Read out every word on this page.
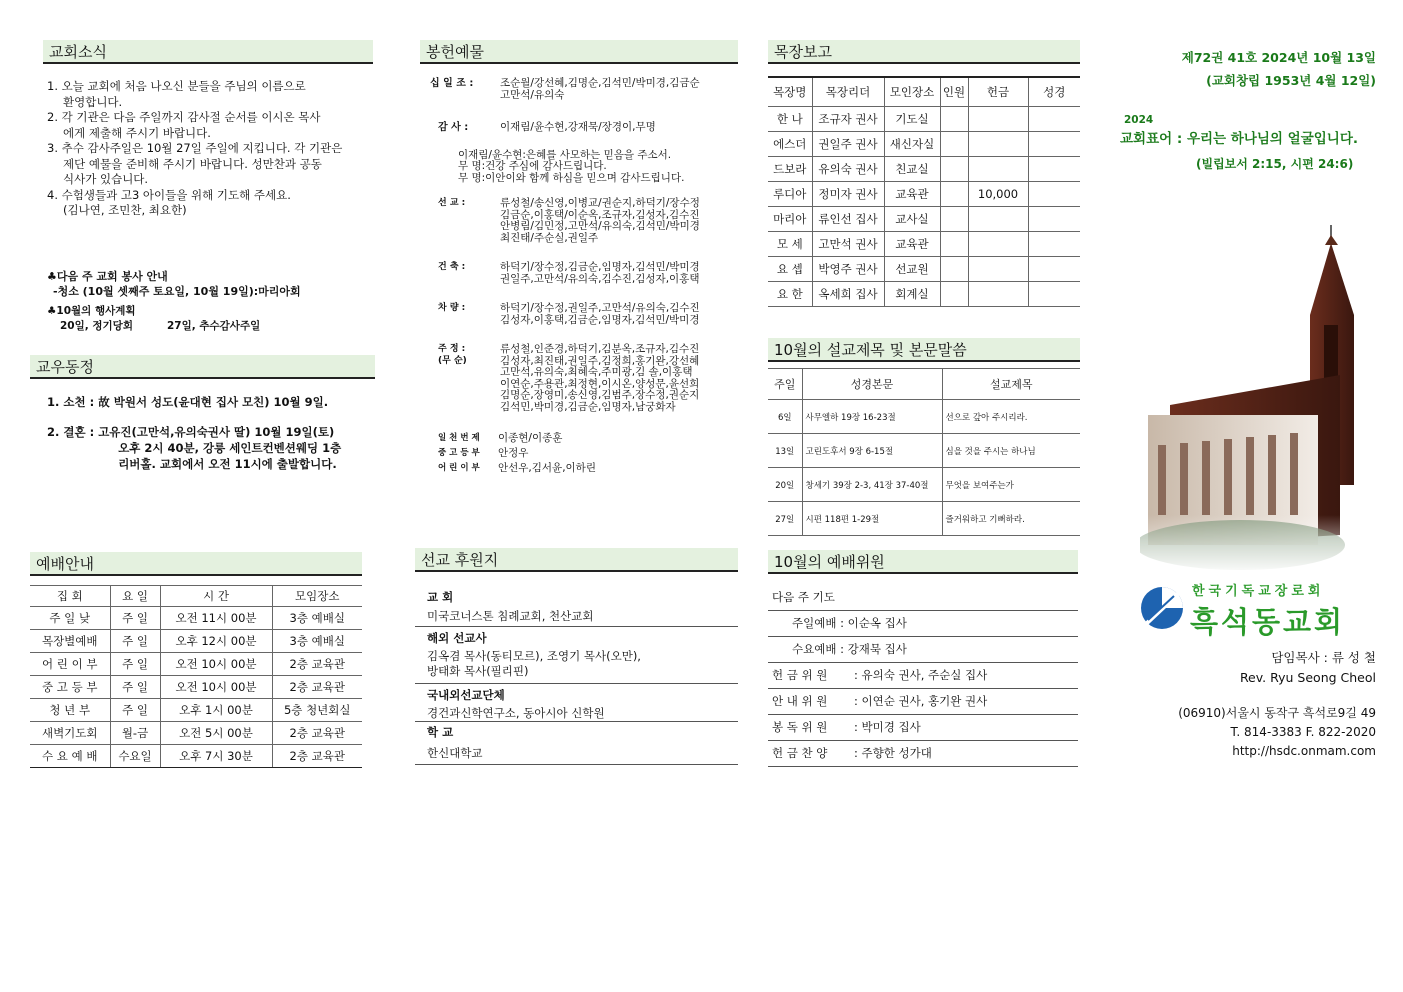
교회소식
1. 오늘 교회에 처음 나오신 분들을 주님의 이름으로
환영합니다.
2. 각 기관은 다음 주일까지 감사절 순서를 이시온 목사
에게 제출해 주시기 바랍니다.
3. 추수 감사주일은 10월 27일 주일에 지킵니다. 각 기관은
제단 예물을 준비해 주시기 바랍니다. 성만찬과 공동
식사가 있습니다.
4. 수험생들과 고3 아이들을 위해 기도해 주세요.
(김나연, 조민찬, 최요한)
♣다음 주 교회 봉사 안내
-청소 (10월 셋째주 토요일, 10월 19일):마리아회
♣10월의 행사계획
20일, 정기당회	27일, 추수감사주일
교우동정
1. 소천 : 故 박원서 성도(윤대현 집사 모친) 10월 9일.
2. 결혼 : 고유진(고만석,유의숙권사 딸) 10월 19일(토)
오후 2시 40분, 강릉 세인트컨벤션웨딩 1층
리버홀. 교회에서 오전 11시에 출발합니다.
예배안내
집 회	요 일	시 간	모임장소
주 일 낮	주 일	오전 11시 00분	3층 예배실
목장별예배	주 일	오후 12시 00분	3층 예배실
어 린 이 부	주 일	오전 10시 00분	2층 교육관
중 고 등 부	주 일	오전 10시 00분	2층 교육관
청 년 부	주 일	오후 1시 00분	5층 청년회실
새벽기도회	월-금	오전 5시 00분	2층 교육관
수 요 예 배	수요일	오후 7시 30분	2층 교육관
봉헌예물
십 일 조 :	조순월/강선혜,김명순,김석민/박미경,김금순
고만석/유의숙
감 사 :	이재림/윤수현,강재묵/장경이,무명
이재림/윤수현:은혜를 사모하는 믿음을 주소서.
무 명:건강 주심에 감사드립니다.
무 명:이안이와 함께 하심을 믿으며 감사드립니다.
선 교 :	류성철/송신영,이병교/권순지,하덕기/장수정
김금순,이홍택/이순옥,조규자,김성자,김수진
안병림/김민정,고만석/유의숙,김석민/박미경
최진태/주순실,권일주
건 축 :	하덕기/장수정,김금순,임명자,김석민/박미경
권일주,고만석/유의숙,김수진,김성자,이홍택
차 량 :	하덕기/장수정,권일주,고만석/유의숙,김수진
김성자,이홍택,김금순,임명자,김석민/박미경
주 정 :
(무 순)
류성철,인준경,하덕기,김분옥,조규자,김수진
김성자,최진태,권일주,김정희,홍기완,강선혜
고만석,유의숙,최혜숙,주미광,김 솔,이홍택
이연순,주용관,최정현,이시온,양성문,윤선희
김명순,장영미,송신영,김범주,장수정,권순지
김석민,박미경,김금순,임명자,남궁화자
일 천 번 제	이종현/이종훈
중 고 등 부	안정우
어 린 이 부	안선우,김서윤,이하린
선교 후원지
교 회
미국코너스톤 침례교회, 천산교회
해외 선교사
김옥겸 목사(동티모르), 조영기 목사(오만),
방태화 목사(필리핀)
국내외선교단체
경건과신학연구소, 동아시아 신학원
학 교
한신대학교
목장보고
목장명	목장리더	모인장소	인원	헌금	성경
한 나	조규자 권사	기도실			
에스더	권일주 권사	새신자실			
드보라	유의숙 권사	친교실			
루디아	정미자 권사	교육관		10,000	
마리아	류인선 집사	교사실			
모 세	고만석 권사	교육관			
요 셉	박영주 권사	선교원			
요 한	옥세희 집사	회계실			
10월의 설교제목 및 본문말씀
주일	성경본문	설교제목
6일	사무엘하 19장 16-23절	선으로 갚아 주시리라.
13일	고린도후서 9장 6-15절	심을 것을 주시는 하나님
20일	창세기 39장 2-3, 41장 37-40절	무엇을 보여주는가
27일	시편 118편 1-29절	즐거워하고 기뻐하라.
10월의 예배위원
다음 주 기도
주일예배 : 이순옥 집사
수요예배 : 강재묵 집사
헌 금 위 원 : 유의숙 권사, 주순실 집사
안 내 위 원 : 이연순 권사, 홍기완 권사
봉 독 위 원 : 박미경 집사
헌 금 찬 양 : 주향한 성가대
제72권 41호 2024년 10월 13일
(교회창립 1953년 4월 12일)
2024
교회표어 : 우리는 하나님의 얼굴입니다.
(빌립보서 2:15, 시편 24:6)
한국기독교장로회
흑석동교회
담임목사 : 류 성 철
Rev. Ryu Seong Cheol
(06910)서울시 동작구 흑석로9길 49
T. 814-3383 F. 822-2020
http://hsdc.onmam.com
